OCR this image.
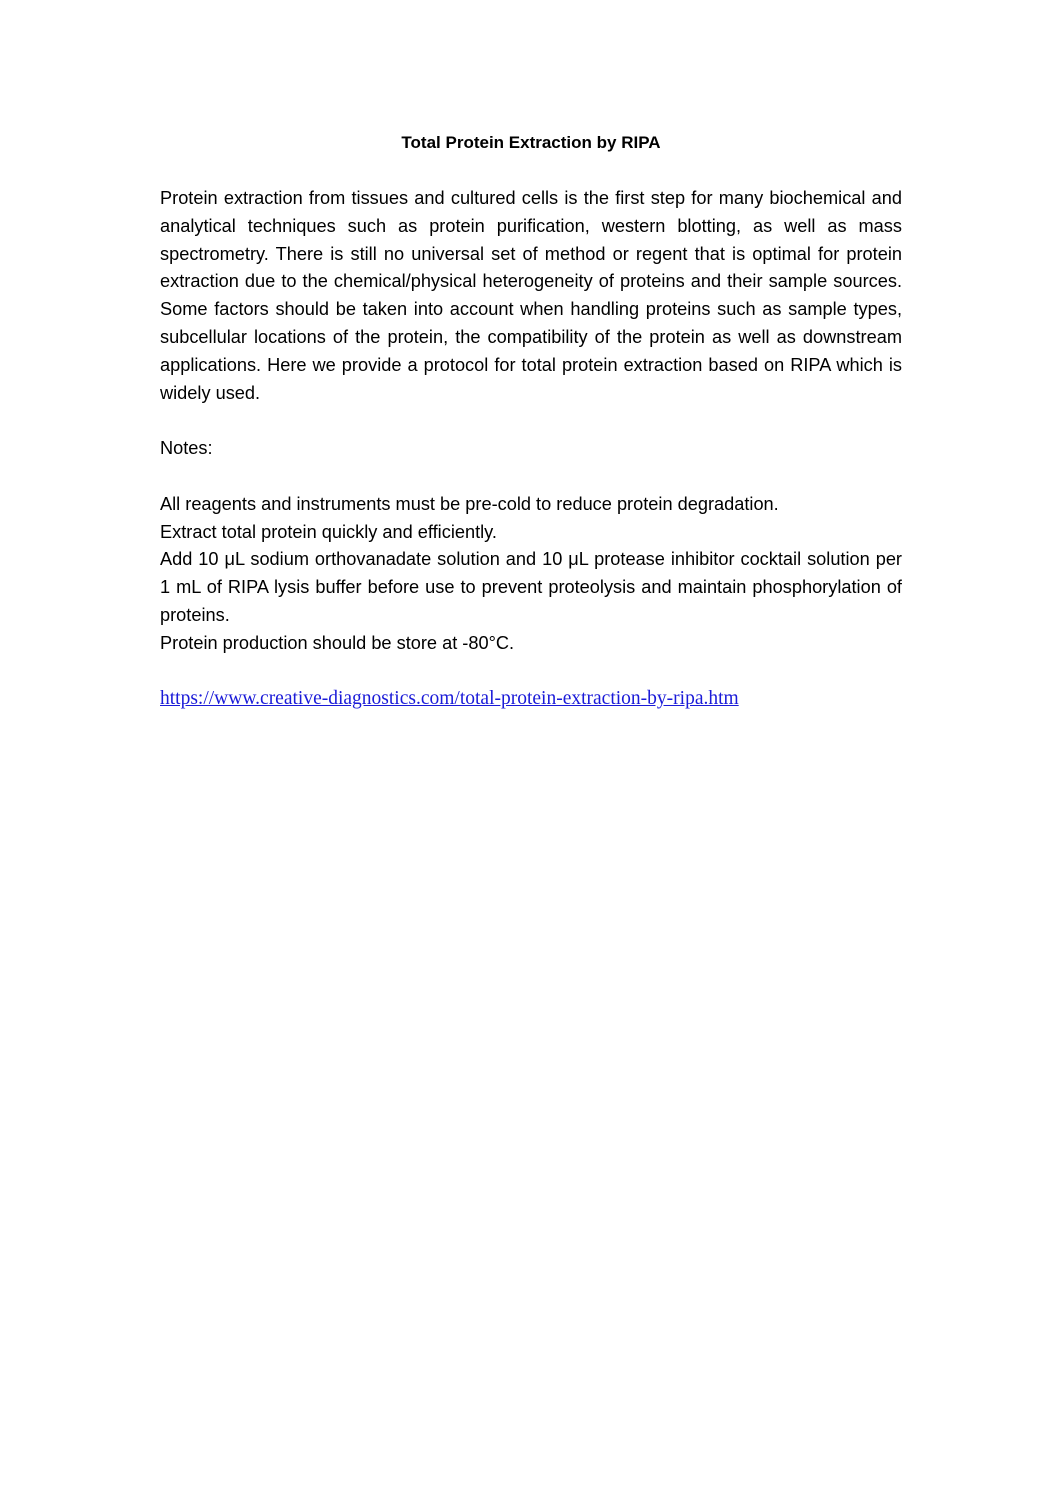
Total Protein Extraction by RIPA

Protein extraction from tissues and cultured cells is the first step for many biochemical and analytical techniques such as protein purification, western blotting, as well as mass spectrometry. There is still no universal set of method or regent that is optimal for protein extraction due to the chemical/physical heterogeneity of proteins and their sample sources. Some factors should be taken into account when handling proteins such as sample types, subcellular locations of the protein, the compatibility of the protein as well as downstream applications. Here we provide a protocol for total protein extraction based on RIPA which is widely used.

Notes:

All reagents and instruments must be pre-cold to reduce protein degradation.

Extract total protein quickly and efficiently.

Add 10 μL sodium orthovanadate solution and 10 μL protease inhibitor cocktail solution per 1 mL of RIPA lysis buffer before use to prevent proteolysis and maintain phosphorylation of proteins.

Protein production should be store at -80°C.

https://www.creative-diagnostics.com/total-protein-extraction-by-ripa.htm
